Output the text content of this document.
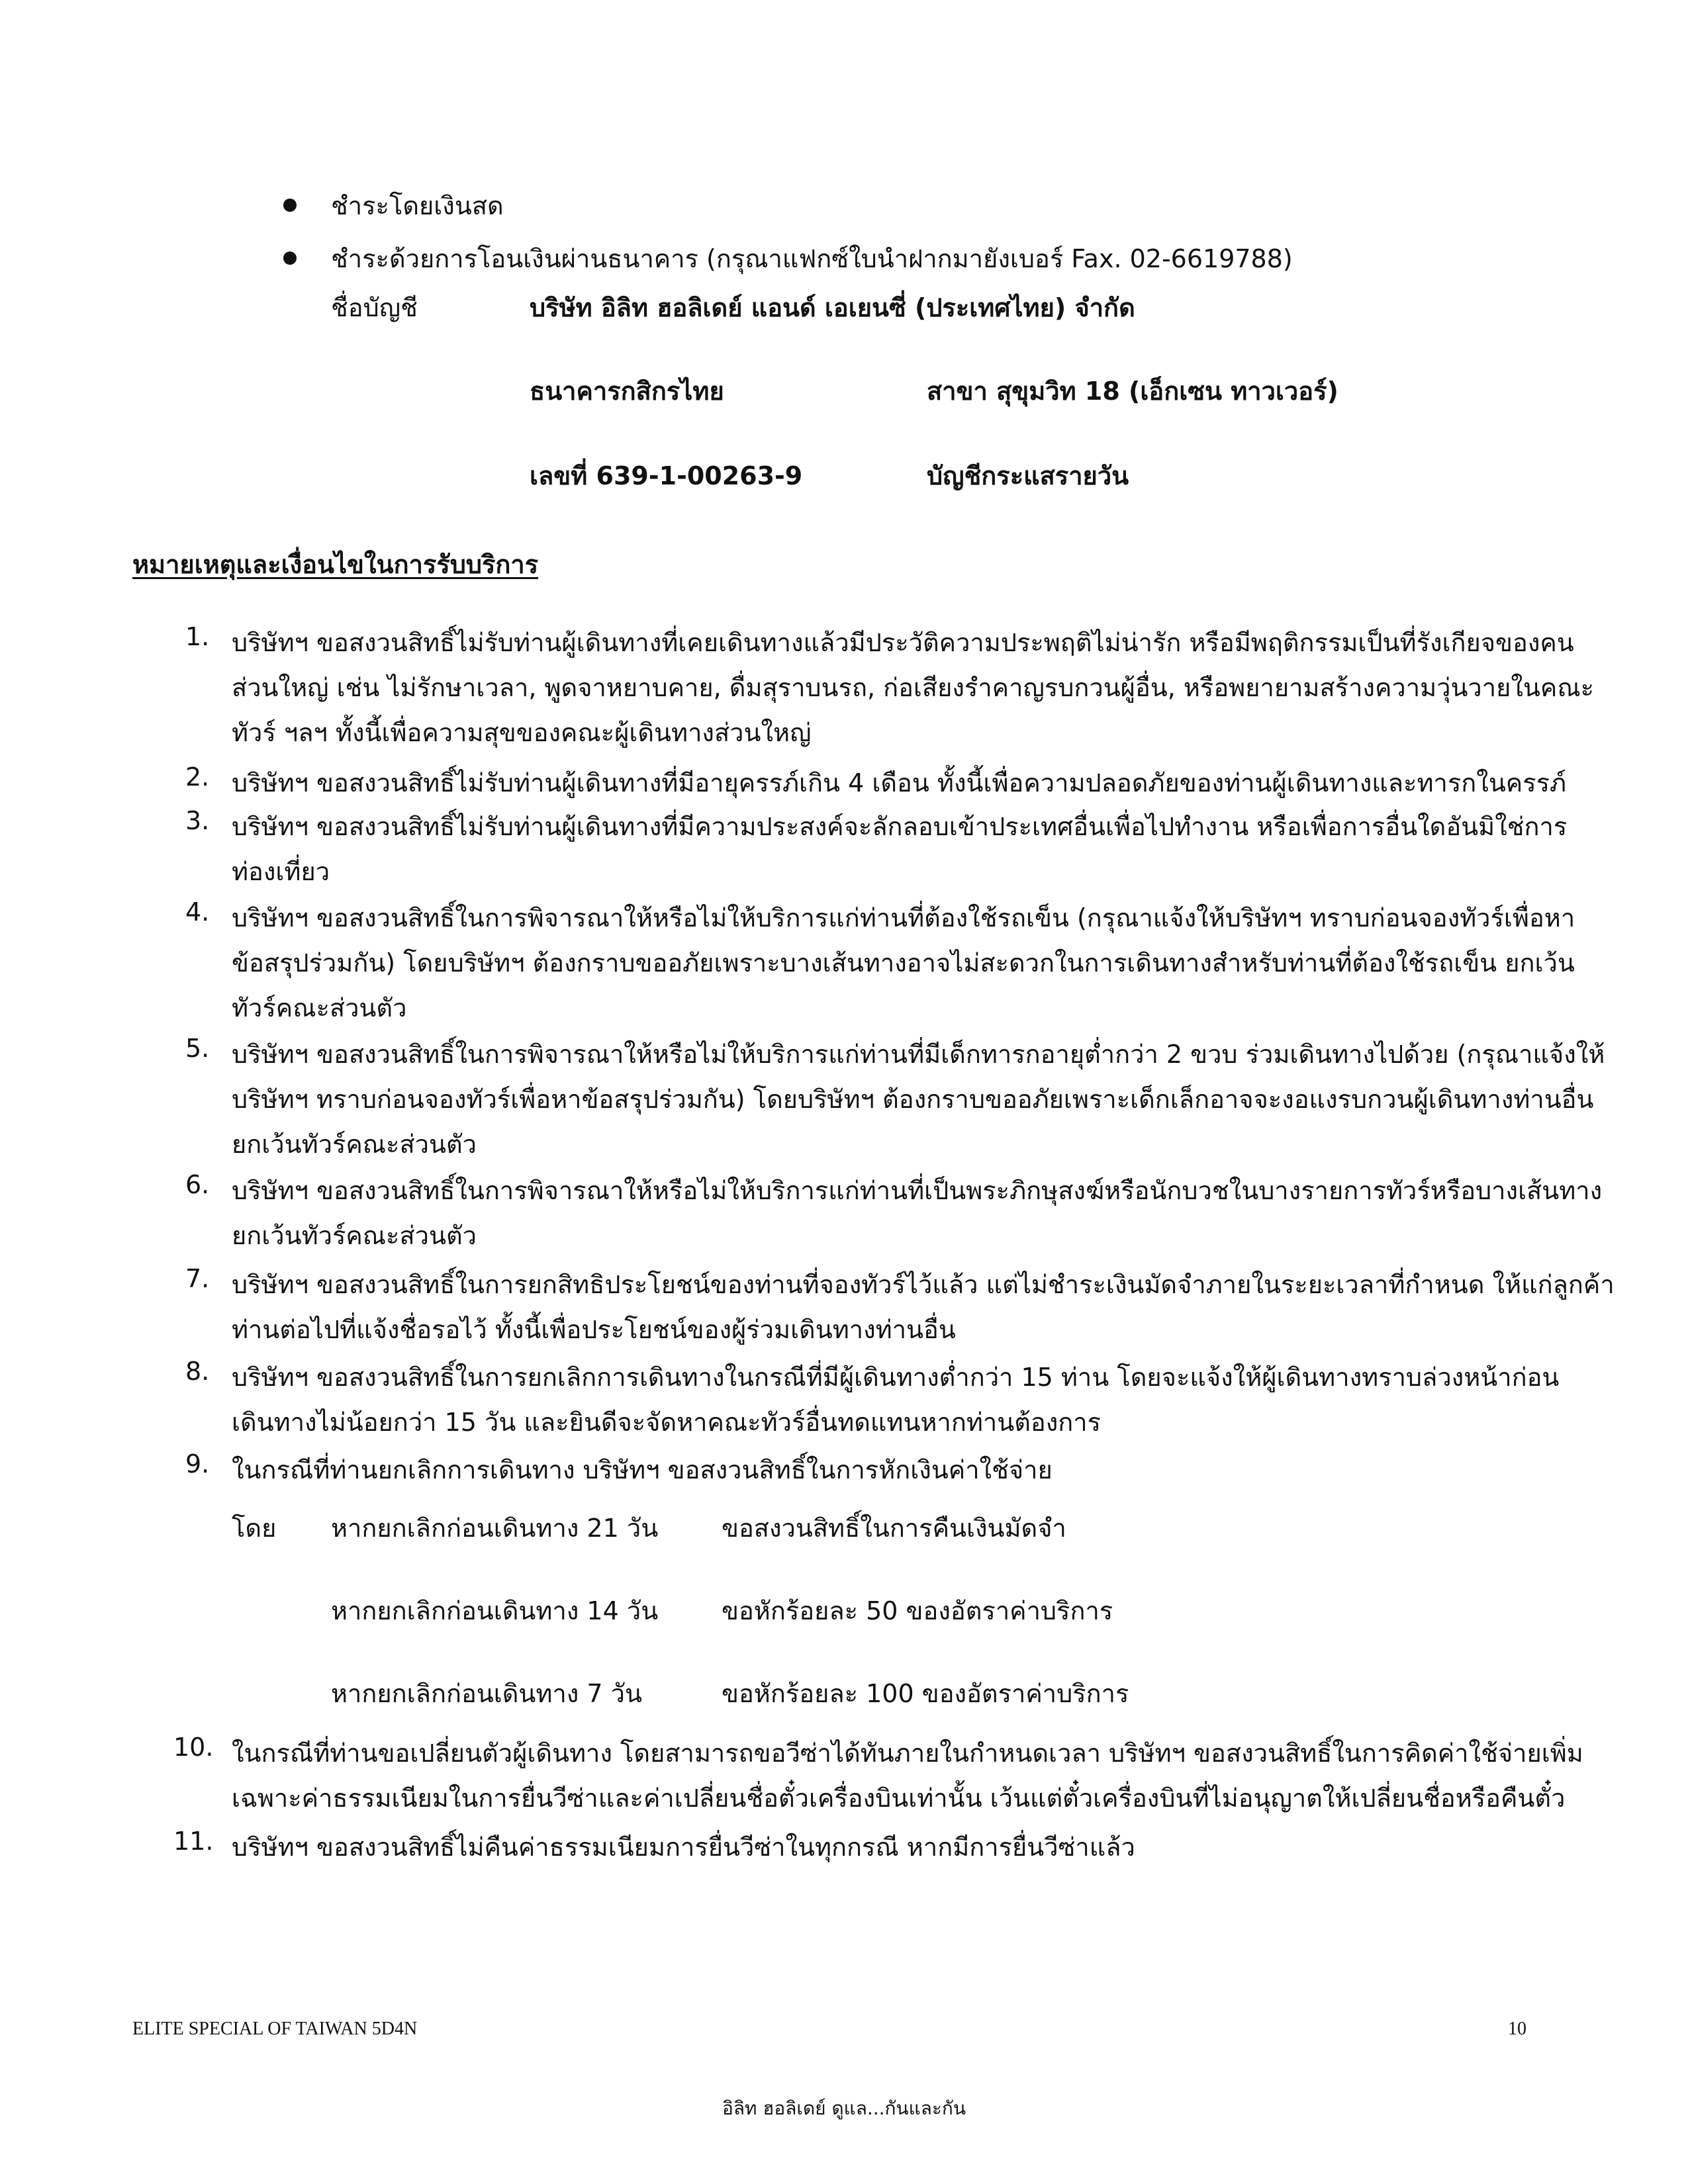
ชำระโดยเงินสด
ชำระด้วยการโอนเงินผ่านธนาคาร (กรุณาแฟกซ์ใบนำฝากมายังเบอร์ Fax. 02-6619788)
ชื่อบัญชี	บริษัท อิลิท ฮอลิเดย์ แอนด์ เอเยนซี่ (ประเทศไทย) จำกัด
ธนาคารกสิกรไทย	สาขา สุขุมวิท 18 (เอ็กเซน ทาวเวอร์)
เลขที่ 639-1-00263-9	บัญชีกระแสรายวัน
หมายเหตุและเงื่อนไขในการรับบริการ
1. บริษัทฯ ขอสงวนสิทธิ์ไม่รับท่านผู้เดินทางที่เคยเดินทางแล้วมีประวัติความประพฤติไม่น่ารัก หรือมีพฤติกรรมเป็นที่รังเกียจของคน
ส่วนใหญ่ เช่น ไม่รักษาเวลา, พูดจาหยาบคาย, ดื่มสุราบนรถ, ก่อเสียงรำคาญรบกวนผู้อื่น, หรือพยายามสร้างความวุ่นวายในคณะ
ทัวร์ ฯลฯ ทั้งนี้เพื่อความสุขของคณะผู้เดินทางส่วนใหญ่
2. บริษัทฯ ขอสงวนสิทธิ์ไม่รับท่านผู้เดินทางที่มีอายุครรภ์เกิน 4 เดือน ทั้งนี้เพื่อความปลอดภัยของท่านผู้เดินทางและทารกในครรภ์
3. บริษัทฯ ขอสงวนสิทธิ์ไม่รับท่านผู้เดินทางที่มีความประสงค์จะลักลอบเข้าประเทศอื่นเพื่อไปทำงาน หรือเพื่อการอื่นใดอันมิใช่การ
ท่องเที่ยว
4. บริษัทฯ ขอสงวนสิทธิ์ในการพิจารณาให้หรือไม่ให้บริการแก่ท่านที่ต้องใช้รถเข็น (กรุณาแจ้งให้บริษัทฯ ทราบก่อนจองทัวร์เพื่อหา
ข้อสรุปร่วมกัน) โดยบริษัทฯ ต้องกราบขออภัยเพราะบางเส้นทางอาจไม่สะดวกในการเดินทางสำหรับท่านที่ต้องใช้รถเข็น ยกเว้น
ทัวร์คณะส่วนตัว
5. บริษัทฯ ขอสงวนสิทธิ์ในการพิจารณาให้หรือไม่ให้บริการแก่ท่านที่มีเด็กทารกอายุต่ำกว่า 2 ขวบ ร่วมเดินทางไปด้วย (กรุณาแจ้งให้
บริษัทฯ ทราบก่อนจองทัวร์เพื่อหาข้อสรุปร่วมกัน) โดยบริษัทฯ ต้องกราบขออภัยเพราะเด็กเล็กอาจจะงอแงรบกวนผู้เดินทางท่านอื่น
ยกเว้นทัวร์คณะส่วนตัว
6. บริษัทฯ ขอสงวนสิทธิ์ในการพิจารณาให้หรือไม่ให้บริการแก่ท่านที่เป็นพระภิกษุสงฆ์หรือนักบวชในบางรายการทัวร์หรือบางเส้นทาง
ยกเว้นทัวร์คณะส่วนตัว
7. บริษัทฯ ขอสงวนสิทธิ์ในการยกสิทธิประโยชน์ของท่านที่จองทัวร์ไว้แล้ว แต่ไม่ชำระเงินมัดจำภายในระยะเวลาที่กำหนด ให้แก่ลูกค้า
ท่านต่อไปที่แจ้งชื่อรอไว้ ทั้งนี้เพื่อประโยชน์ของผู้ร่วมเดินทางท่านอื่น
8. บริษัทฯ ขอสงวนสิทธิ์ในการยกเลิกการเดินทางในกรณีที่มีผู้เดินทางต่ำกว่า 15 ท่าน โดยจะแจ้งให้ผู้เดินทางทราบล่วงหน้าก่อน
เดินทางไม่น้อยกว่า 15 วัน และยินดีจะจัดหาคณะทัวร์อื่นทดแทนหากท่านต้องการ
9. ในกรณีที่ท่านยกเลิกการเดินทาง บริษัทฯ ขอสงวนสิทธิ์ในการหักเงินค่าใช้จ่าย
โดย หากยกเลิกก่อนเดินทาง 21 วัน	ขอสงวนสิทธิ์ในการคืนเงินมัดจำ
หากยกเลิกก่อนเดินทาง 14 วัน	ขอหักร้อยละ 50 ของอัตราค่าบริการ
หากยกเลิกก่อนเดินทาง 7 วัน	ขอหักร้อยละ 100 ของอัตราค่าบริการ
10. ในกรณีที่ท่านขอเปลี่ยนตัวผู้เดินทาง โดยสามารถขอวีซ่าได้ทันภายในกำหนดเวลา บริษัทฯ ขอสงวนสิทธิ์ในการคิดค่าใช้จ่ายเพิ่ม
เฉพาะค่าธรรมเนียมในการยื่นวีซ่าและค่าเปลี่ยนชื่อตั๋วเครื่องบินเท่านั้น เว้นแต่ตั๋วเครื่องบินที่ไม่อนุญาตให้เปลี่ยนชื่อหรือคืนตั๋ว
11. บริษัทฯ ขอสงวนสิทธิ์ไม่คืนค่าธรรมเนียมการยื่นวีซ่าในทุกกรณี หากมีการยื่นวีซ่าแล้ว
ELITE SPECIAL OF TAIWAN 5D4N	10
อิลิท ฮอลิเดย์ ดูแล...กันและกัน
